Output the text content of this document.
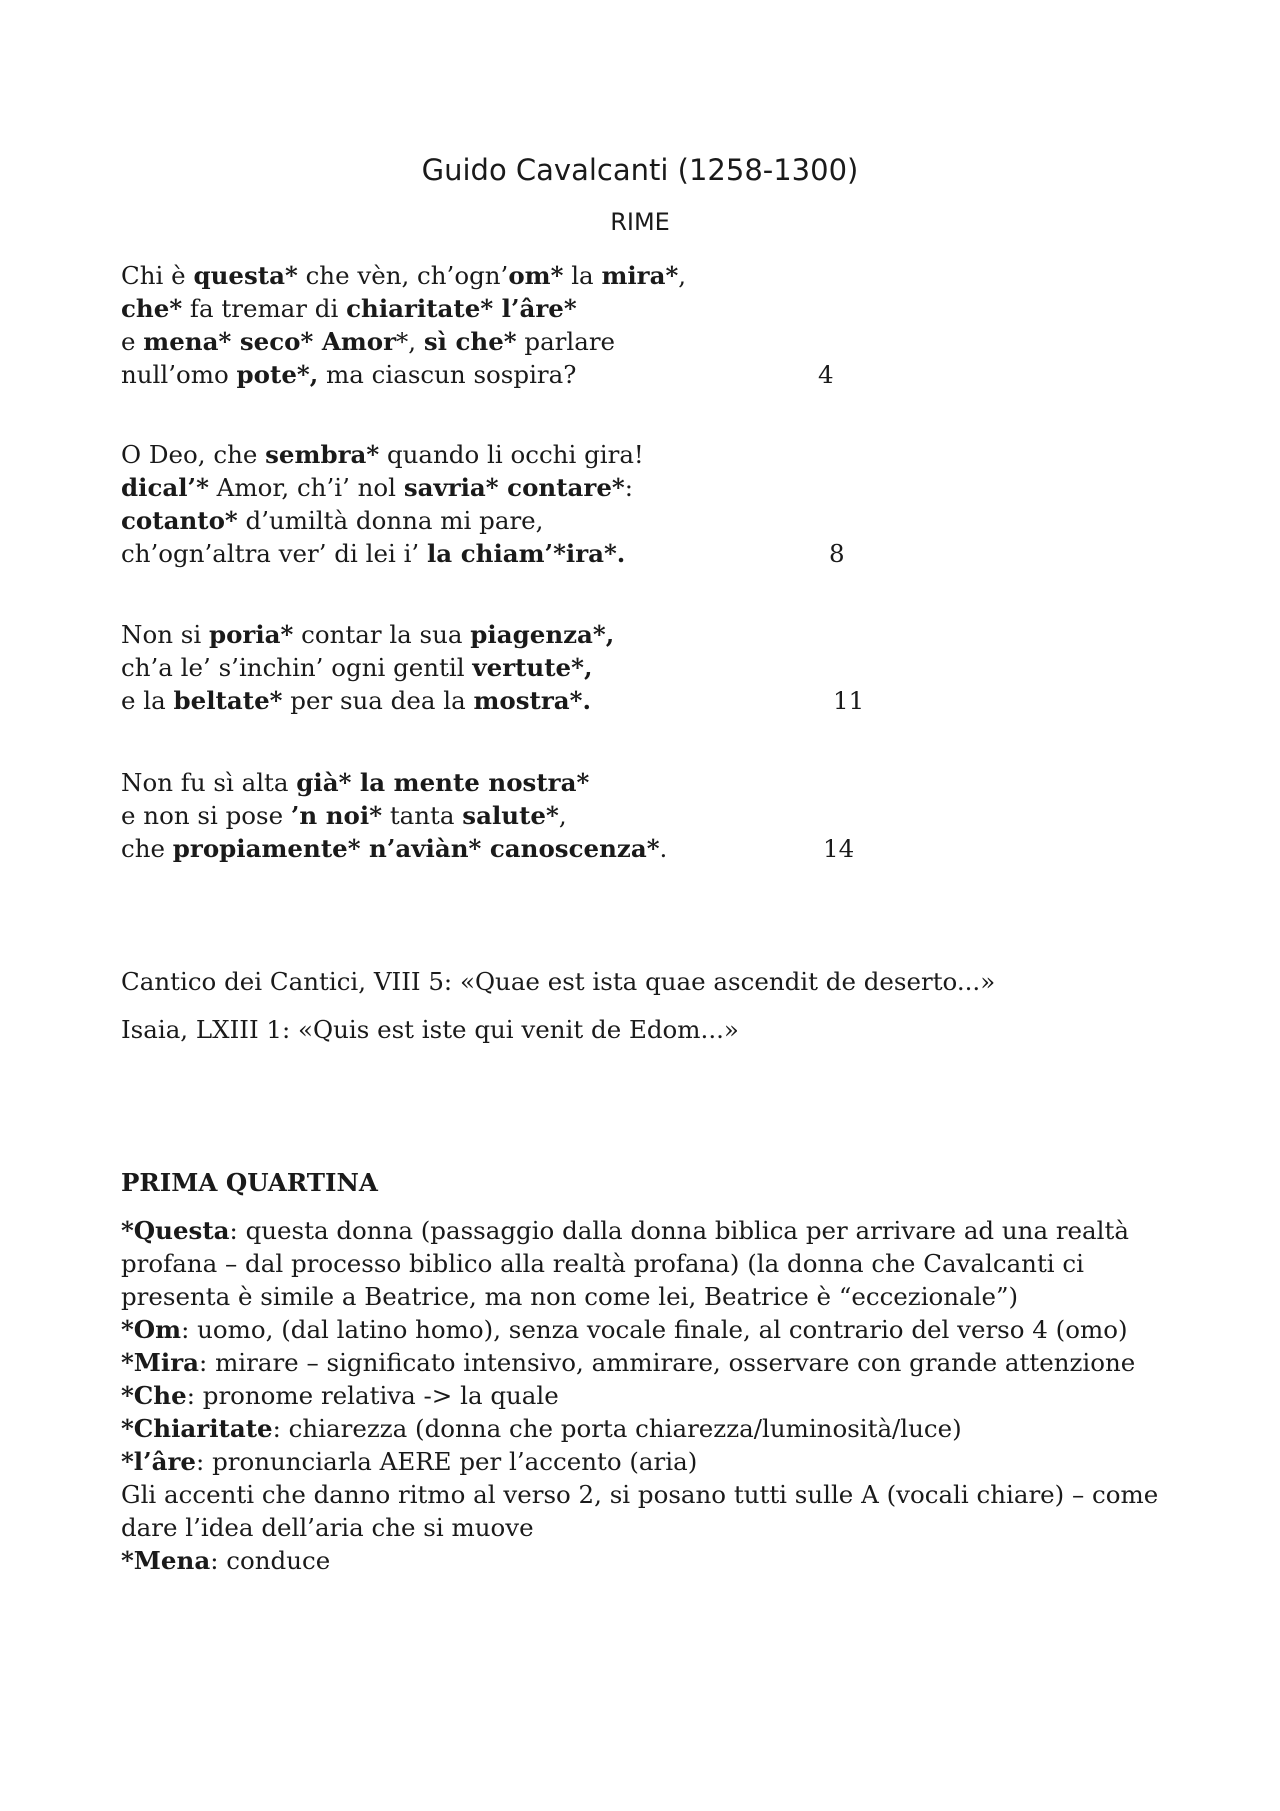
Guido Cavalcanti (1258-1300)
RIME
Chi è questa* che vèn, ch’ogn’om* la mira*,
che* fa tremar di chiaritate* l’âre*
e mena* seco* Amor*, sì che* parlare
null’omo pote*, ma ciascun sospira?	4
O Deo, che sembra* quando li occhi gira!
dical’* Amor, ch’i’ nol savria* contare*:
cotanto* d’umiltà donna mi pare,
ch’ogn’altra ver’ di lei i’ la chiam’*ira*.	8
Non si poria* contar la sua piagenza*,
ch’a le’ s’inchin’ ogni gentil vertute*,
e la beltate* per sua dea la mostra*.	11
Non fu sì alta già* la mente nostra*
e non si pose ’n noi* tanta salute*,
che propiamente* n’aviàn* canoscenza*.	14
Cantico dei Cantici, VIII 5: «Quae est ista quae ascendit de deserto...»
Isaia, LXIII 1: «Quis est iste qui venit de Edom...»
PRIMA QUARTINA
*Questa: questa donna (passaggio dalla donna biblica per arrivare ad una realtà profana – dal processo biblico alla realtà profana) (la donna che Cavalcanti ci presenta è simile a Beatrice, ma non come lei, Beatrice è “eccezionale”)
*Om: uomo, (dal latino homo), senza vocale finale, al contrario del verso 4 (omo)
*Mira: mirare – significato intensivo, ammirare, osservare con grande attenzione
*Che: pronome relativa -> la quale
*Chiaritate: chiarezza (donna che porta chiarezza/luminosità/luce)
*l’âre: pronunciarla AERE per l’accento (aria)
Gli accenti che danno ritmo al verso 2, si posano tutti sulle A (vocali chiare) – come dare l’idea dell’aria che si muove
*Mena: conduce
